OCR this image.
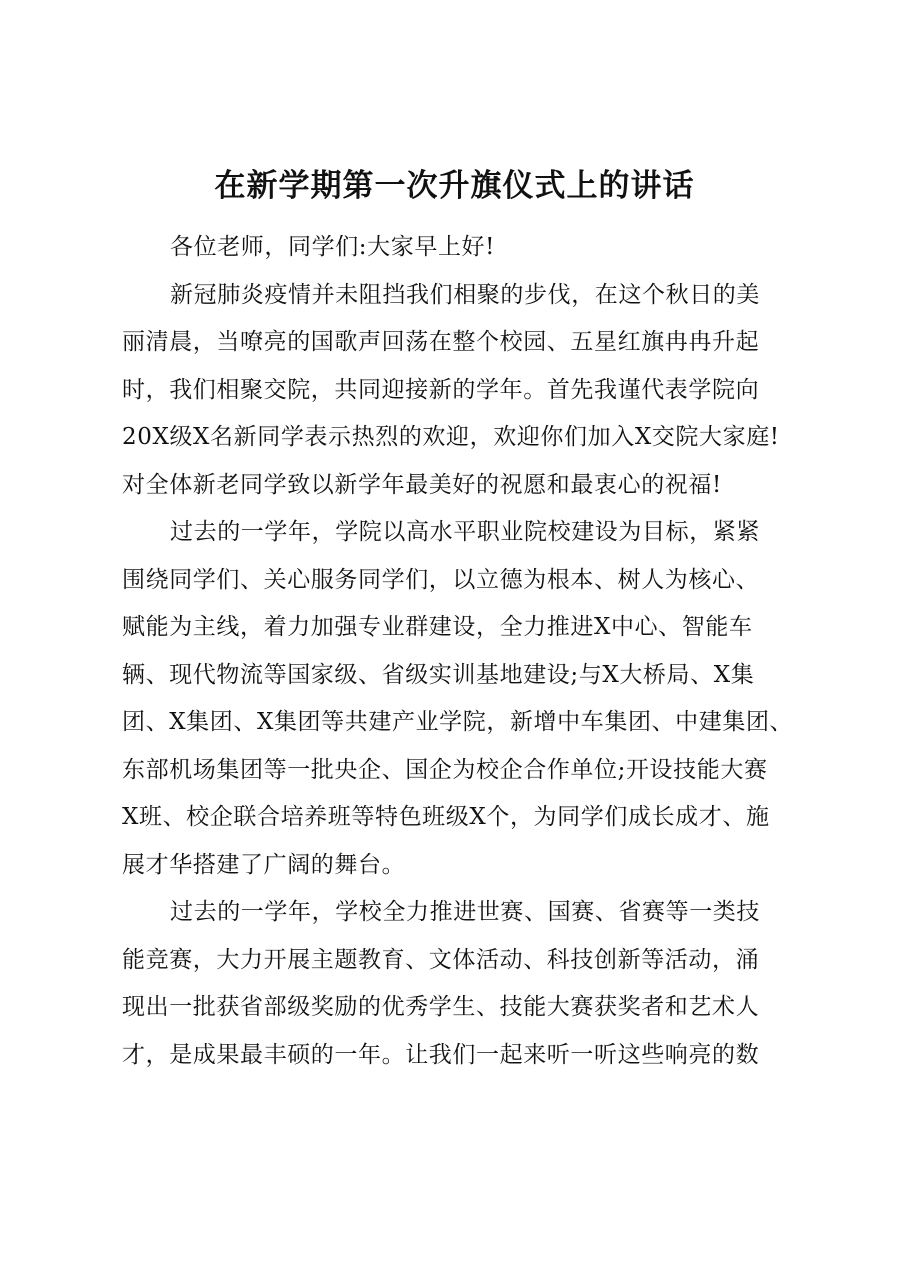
在新学期第一次升旗仪式上的讲话
各位老师，同学们:大家早上好!
新冠肺炎疫情并未阻挡我们相聚的步伐，在这个秋日的美
丽清晨，当嘹亮的国歌声回荡在整个校园、五星红旗冉冉升起
时，我们相聚交院，共同迎接新的学年。首先我谨代表学院向
20X级X名新同学表示热烈的欢迎，欢迎你们加入X交院大家庭!
对全体新老同学致以新学年最美好的祝愿和最衷心的祝福!
过去的一学年，学院以高水平职业院校建设为目标，紧紧
围绕同学们、关心服务同学们，以立德为根本、树人为核心、
赋能为主线，着力加强专业群建设，全力推进X中心、智能车
辆、现代物流等国家级、省级实训基地建设;与X大桥局、X集
团、X集团、X集团等共建产业学院，新增中车集团、中建集团、
东部机场集团等一批央企、国企为校企合作单位;开设技能大赛
X班、校企联合培养班等特色班级X个，为同学们成长成才、施
展才华搭建了广阔的舞台。
过去的一学年，学校全力推进世赛、国赛、省赛等一类技
能竞赛，大力开展主题教育、文体活动、科技创新等活动，涌
现出一批获省部级奖励的优秀学生、技能大赛获奖者和艺术人
才，是成果最丰硕的一年。让我们一起来听一听这些响亮的数
